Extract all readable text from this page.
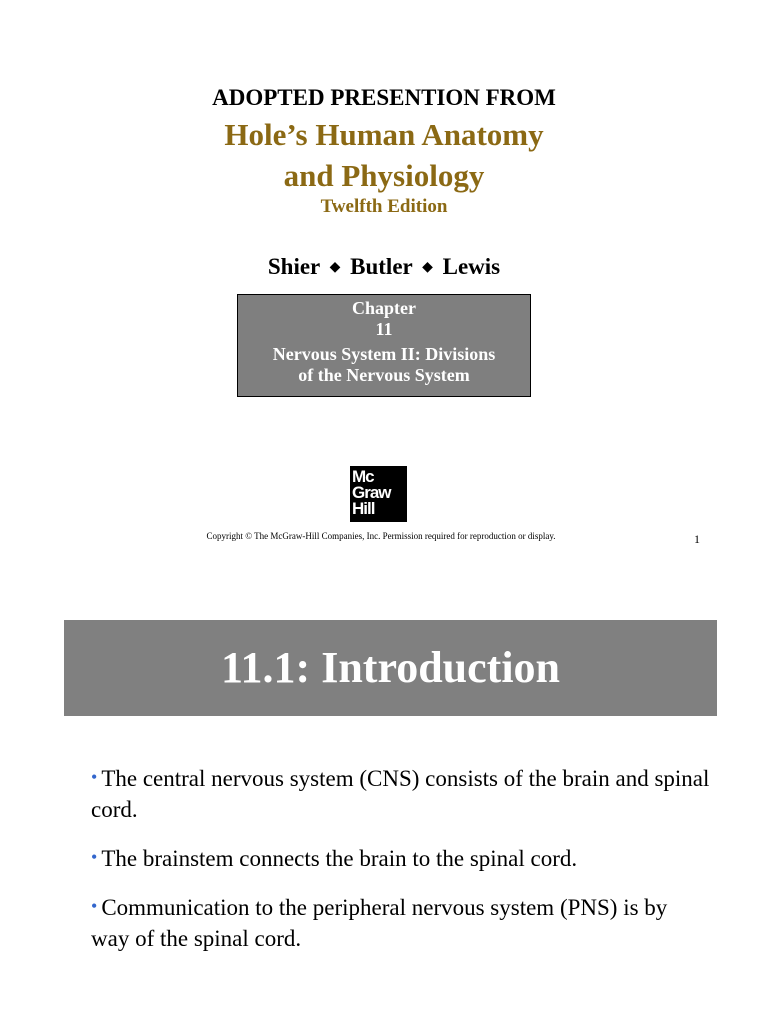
ADOPTED PRESENTION FROM
Hole’s Human Anatomy
and Physiology
Twelfth Edition
Shier ◆ Butler ◆ Lewis
Chapter
11
Nervous System II: Divisions
of the Nervous System
Mc
Graw
Hill
Copyright © The McGraw-Hill Companies, Inc. Permission required for reproduction or display.	1
11.1: Introduction
• The central nervous system (CNS) consists of the brain and spinal cord.
• The brainstem connects the brain to the spinal cord.
• Communication to the peripheral nervous system (PNS) is by way of the spinal cord.
